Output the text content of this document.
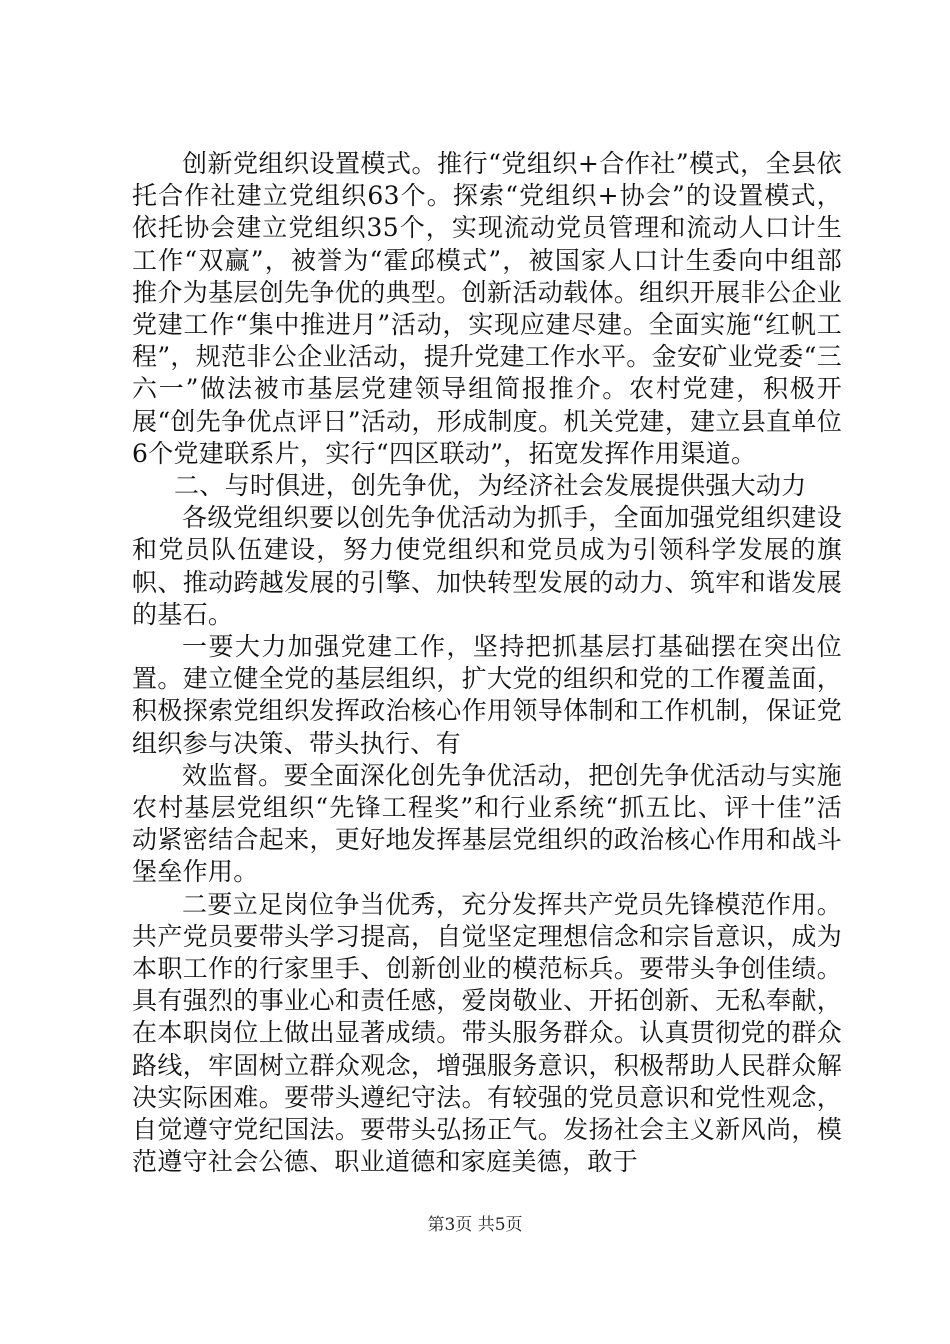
创新党组织设置模式。推行“党组织+合作社”模式，全县依托合作社建立党组织63个。探索“党组织+协会”的设置模式，依托协会建立党组织35个，实现流动党员管理和流动人口计生工作“双赢”，被誉为“霍邱模式”，被国家人口计生委向中组部推介为基层创先争优的典型。创新活动载体。组织开展非公企业党建工作“集中推进月”活动，实现应建尽建。全面实施“红帆工程”，规范非公企业活动，提升党建工作水平。金安矿业党委“三六一”做法被市基层党建领导组简报推介。农村党建，积极开展“创先争优点评日”活动，形成制度。机关党建，建立县直单位6个党建联系片，实行“四区联动”，拓宽发挥作用渠道。

二、与时俱进，创先争优，为经济社会发展提供强大动力

各级党组织要以创先争优活动为抓手，全面加强党组织建设和党员队伍建设，努力使党组织和党员成为引领科学发展的旗帜、推动跨越发展的引擎、加快转型发展的动力、筑牢和谐发展的基石。

一要大力加强党建工作，坚持把抓基层打基础摆在突出位置。建立健全党的基层组织，扩大党的组织和党的工作覆盖面，积极探索党组织发挥政治核心作用领导体制和工作机制，保证党组织参与决策、带头执行、有

效监督。要全面深化创先争优活动，把创先争优活动与实施农村基层党组织“先锋工程奖”和行业系统“抓五比、评十佳”活动紧密结合起来，更好地发挥基层党组织的政治核心作用和战斗堡垒作用。

二要立足岗位争当优秀，充分发挥共产党员先锋模范作用。共产党员要带头学习提高，自觉坚定理想信念和宗旨意识，成为本职工作的行家里手、创新创业的模范标兵。要带头争创佳绩。具有强烈的事业心和责任感，爱岗敬业、开拓创新、无私奉献，在本职岗位上做出显著成绩。带头服务群众。认真贯彻党的群众路线，牢固树立群众观念，增强服务意识，积极帮助人民群众解决实际困难。要带头遵纪守法。有较强的党员意识和党性观念，自觉遵守党纪国法。要带头弘扬正气。发扬社会主义新风尚，模范遵守社会公德、职业道德和家庭美德，敢于

第3页 共5页
